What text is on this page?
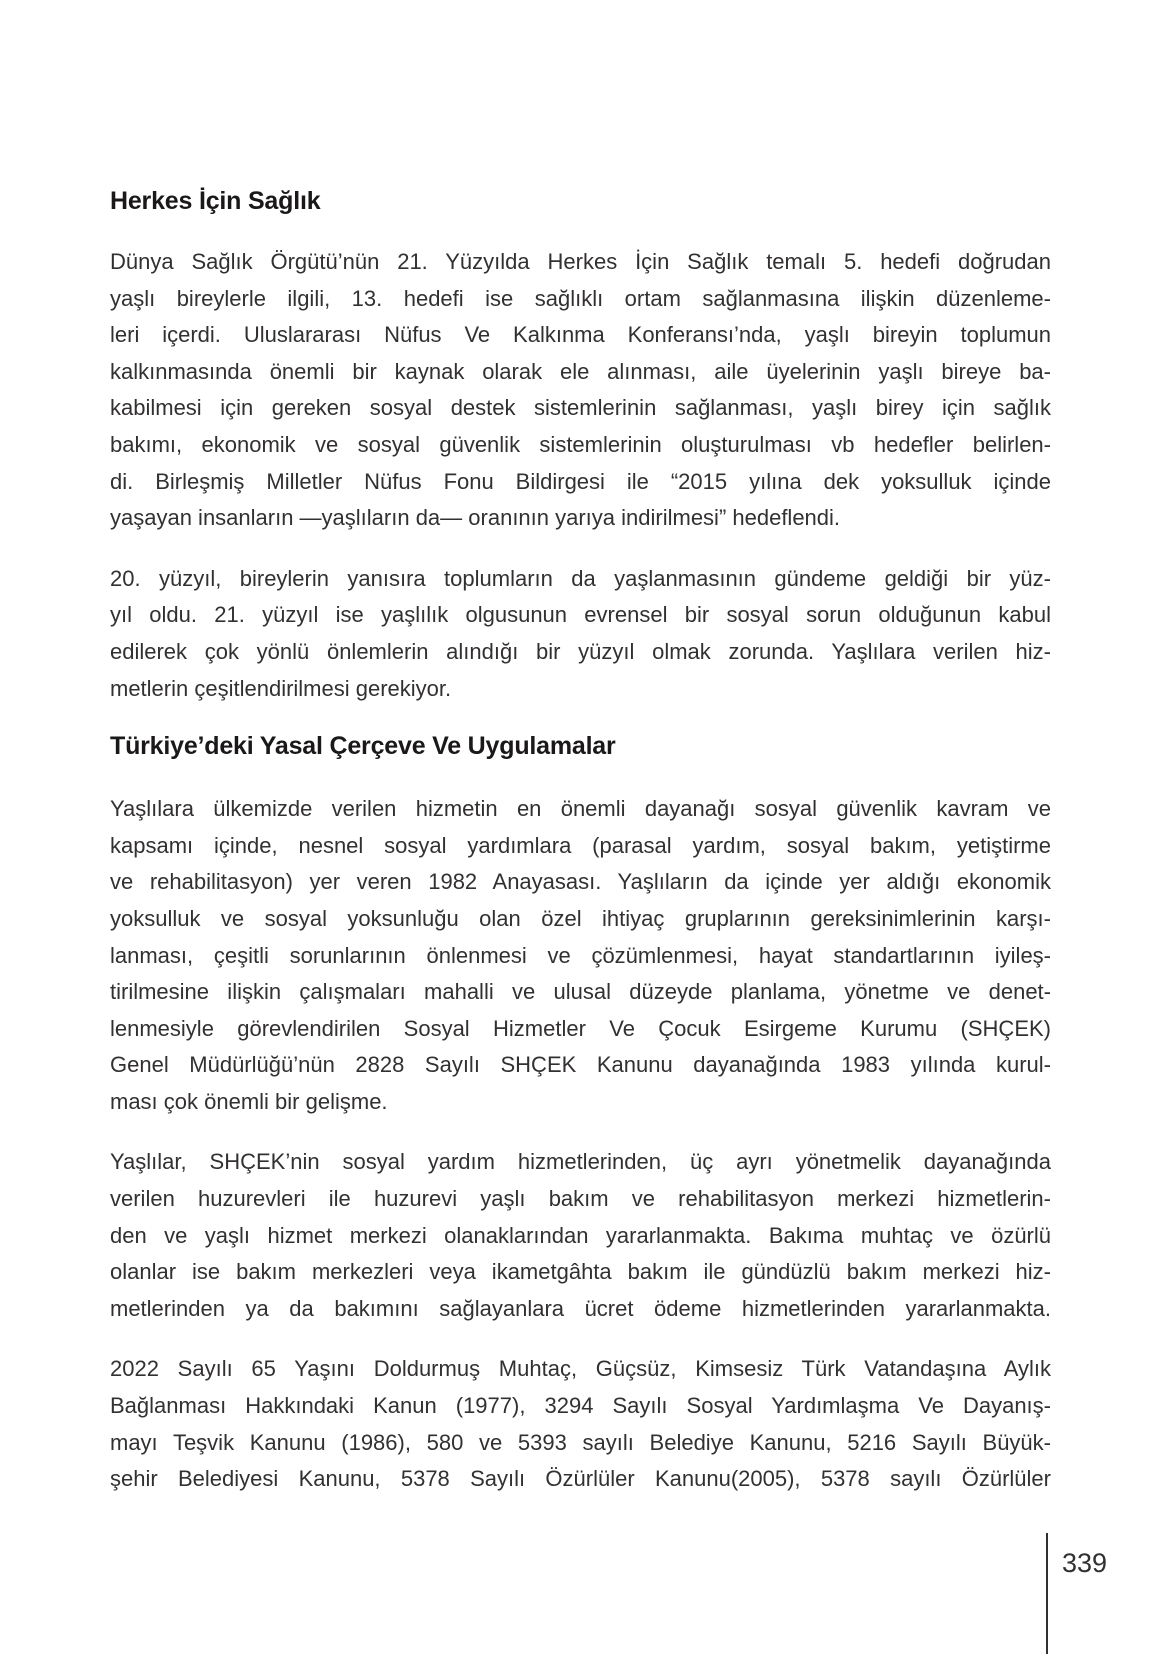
Herkes İçin Sağlık
Dünya Sağlık Örgütü’nün 21. Yüzyılda Herkes İçin Sağlık temalı 5. hedefi doğrudan
yaşlı bireylerle ilgili, 13. hedefi ise sağlıklı ortam sağlanmasına ilişkin düzenleme-
leri içerdi. Uluslararası Nüfus Ve Kalkınma Konferansı’nda, yaşlı bireyin toplumun
kalkınmasında önemli bir kaynak olarak ele alınması, aile üyelerinin yaşlı bireye ba-
kabilmesi için gereken sosyal destek sistemlerinin sağlanması, yaşlı birey için sağlık
bakımı, ekonomik ve sosyal güvenlik sistemlerinin oluşturulması vb hedefler belirlen-
di. Birleşmiş Milletler Nüfus Fonu Bildirgesi ile “2015 yılına dek yoksulluk içinde
yaşayan insanların —yaşlıların da— oranının yarıya indirilmesi” hedeflendi.
20. yüzyıl, bireylerin yanısıra toplumların da yaşlanmasının gündeme geldiği bir yüz-
yıl oldu. 21. yüzyıl ise yaşlılık olgusunun evrensel bir sosyal sorun olduğunun kabul
edilerek çok yönlü önlemlerin alındığı bir yüzyıl olmak zorunda. Yaşlılara verilen hiz-
metlerin çeşitlendirilmesi gerekiyor.
Türkiye’deki Yasal Çerçeve Ve Uygulamalar
Yaşlılara ülkemizde verilen hizmetin en önemli dayanağı sosyal güvenlik kavram ve
kapsamı içinde, nesnel sosyal yardımlara (parasal yardım, sosyal bakım, yetiştirme
ve rehabilitasyon) yer veren 1982 Anayasası. Yaşlıların da içinde yer aldığı ekonomik
yoksulluk ve sosyal yoksunluğu olan özel ihtiyaç gruplarının gereksinimlerinin karşı-
lanması, çeşitli sorunlarının önlenmesi ve çözümlenmesi, hayat standartlarının iyileş-
tirilmesine ilişkin çalışmaları mahalli ve ulusal düzeyde planlama, yönetme ve denet-
lenmesiyle görevlendirilen Sosyal Hizmetler Ve Çocuk Esirgeme Kurumu (SHÇEK)
Genel Müdürlüğü’nün 2828 Sayılı SHÇEK Kanunu dayanağında 1983 yılında kurul-
ması çok önemli bir gelişme.
Yaşlılar, SHÇEK’nin sosyal yardım hizmetlerinden, üç ayrı yönetmelik dayanağında
verilen huzurevleri ile huzurevi yaşlı bakım ve rehabilitasyon merkezi hizmetlerin-
den ve yaşlı hizmet merkezi olanaklarından yararlanmakta. Bakıma muhtaç ve özürlü
olanlar ise bakım merkezleri veya ikametgâhta bakım ile gündüzlü bakım merkezi hiz-
metlerinden ya da bakımını sağlayanlara ücret ödeme hizmetlerinden yararlanmakta.
2022 Sayılı 65 Yaşını Doldurmuş Muhtaç, Güçsüz, Kimsesiz Türk Vatandaşına Aylık
Bağlanması Hakkındaki Kanun (1977), 3294 Sayılı Sosyal Yardımlaşma Ve Dayanış-
mayı Teşvik Kanunu (1986), 580 ve 5393 sayılı Belediye Kanunu, 5216 Sayılı Büyük-
şehir Belediyesi Kanunu, 5378 Sayılı Özürlüler Kanunu(2005), 5378 sayılı Özürlüler
339
